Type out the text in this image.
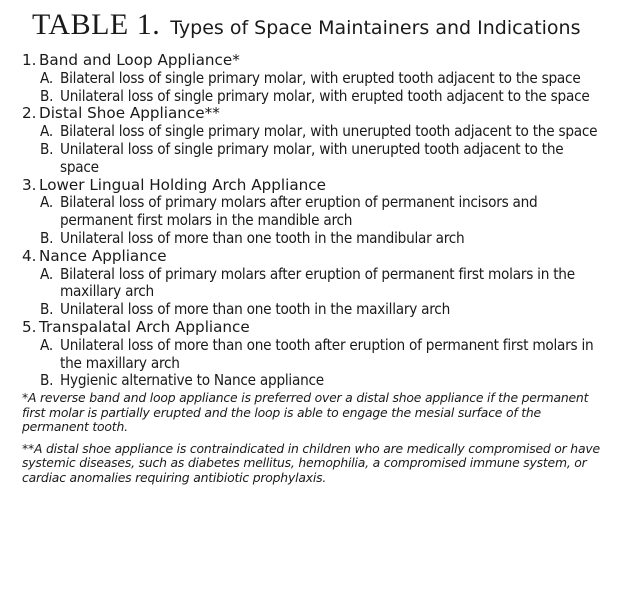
TABLE 1. Types of Space Maintainers and Indications
1. Band and Loop Appliance*
A. Bilateral loss of single primary molar, with erupted tooth adjacent to the space
B. Unilateral loss of single primary molar, with erupted tooth adjacent to the space
2. Distal Shoe Appliance**
A. Bilateral loss of single primary molar, with unerupted tooth adjacent to the space
B. Unilateral loss of single primary molar, with unerupted tooth adjacent to the space
3. Lower Lingual Holding Arch Appliance
A. Bilateral loss of primary molars after eruption of permanent incisors and permanent first molars in the mandible arch
B. Unilateral loss of more than one tooth in the mandibular arch
4. Nance Appliance
A. Bilateral loss of primary molars after eruption of permanent first molars in the maxillary arch
B. Unilateral loss of more than one tooth in the maxillary arch
5. Transpalatal Arch Appliance
A. Unilateral loss of more than one tooth after eruption of permanent first molars in the maxillary arch
B. Hygienic alternative to Nance appliance
*A reverse band and loop appliance is preferred over a distal shoe appliance if the permanent first molar is partially erupted and the loop is able to engage the mesial surface of the permanent tooth.
**A distal shoe appliance is contraindicated in children who are medically compromised or have systemic diseases, such as diabetes mellitus, hemophilia, a compromised immune system, or cardiac anomalies requiring antibiotic prophylaxis.
